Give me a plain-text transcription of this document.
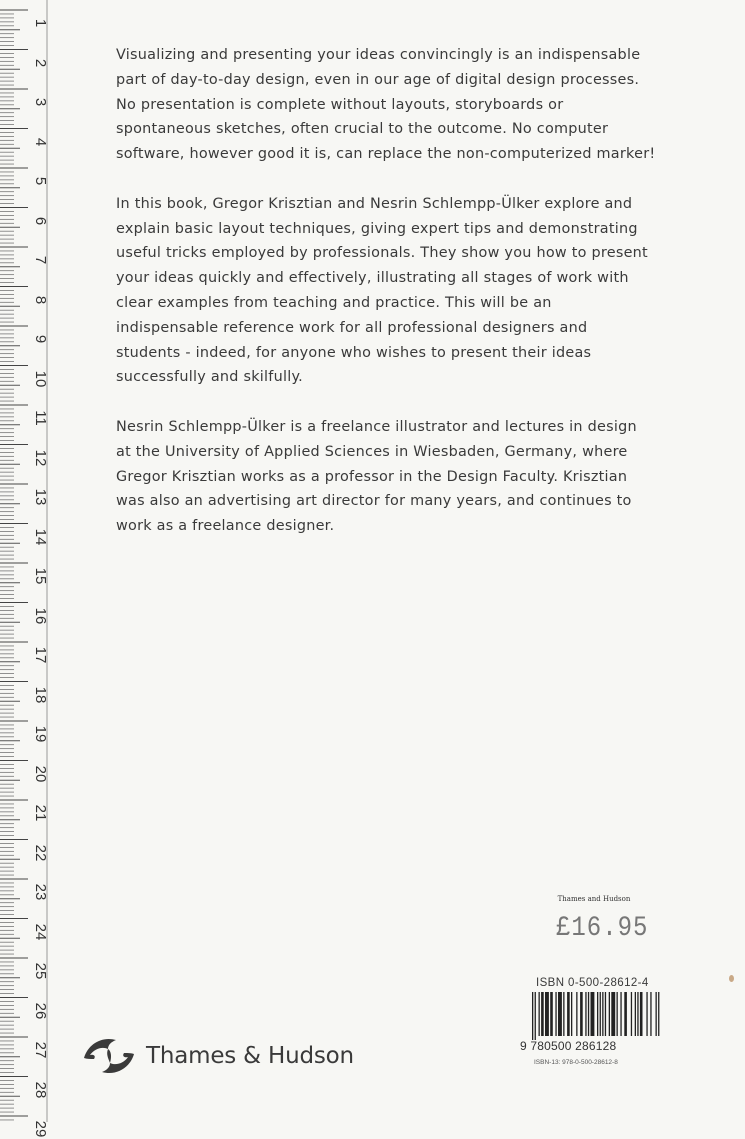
1
2
3
4
5
6
7
8
9
10
11
12
13
14
15
16
17
18
19
20
21
22
23
24
25
26
27
28
29

Visualizing and presenting your ideas convincingly is an indispensable
part of day-to-day design, even in our age of digital design processes.
No presentation is complete without layouts, storyboards or
spontaneous sketches, often crucial to the outcome. No computer
software, however good it is, can replace the non-computerized marker!

In this book, Gregor Krisztian and Nesrin Schlempp-Ülker explore and
explain basic layout techniques, giving expert tips and demonstrating
useful tricks employed by professionals. They show you how to present
your ideas quickly and effectively, illustrating all stages of work with
clear examples from teaching and practice. This will be an
indispensable reference work for all professional designers and
students - indeed, for anyone who wishes to present their ideas
successfully and skilfully.

Nesrin Schlempp-Ülker is a freelance illustrator and lectures in design
at the University of Applied Sciences in Wiesbaden, Germany, where
Gregor Krisztian works as a professor in the Design Faculty. Krisztian
was also an advertising art director for many years, and continues to
work as a freelance designer.

Thames and Hudson
£16.95
ISBN 0-500-28612-4
9 780500 286128
ISBN-13: 978-0-500-28612-8
Thames & Hudson
